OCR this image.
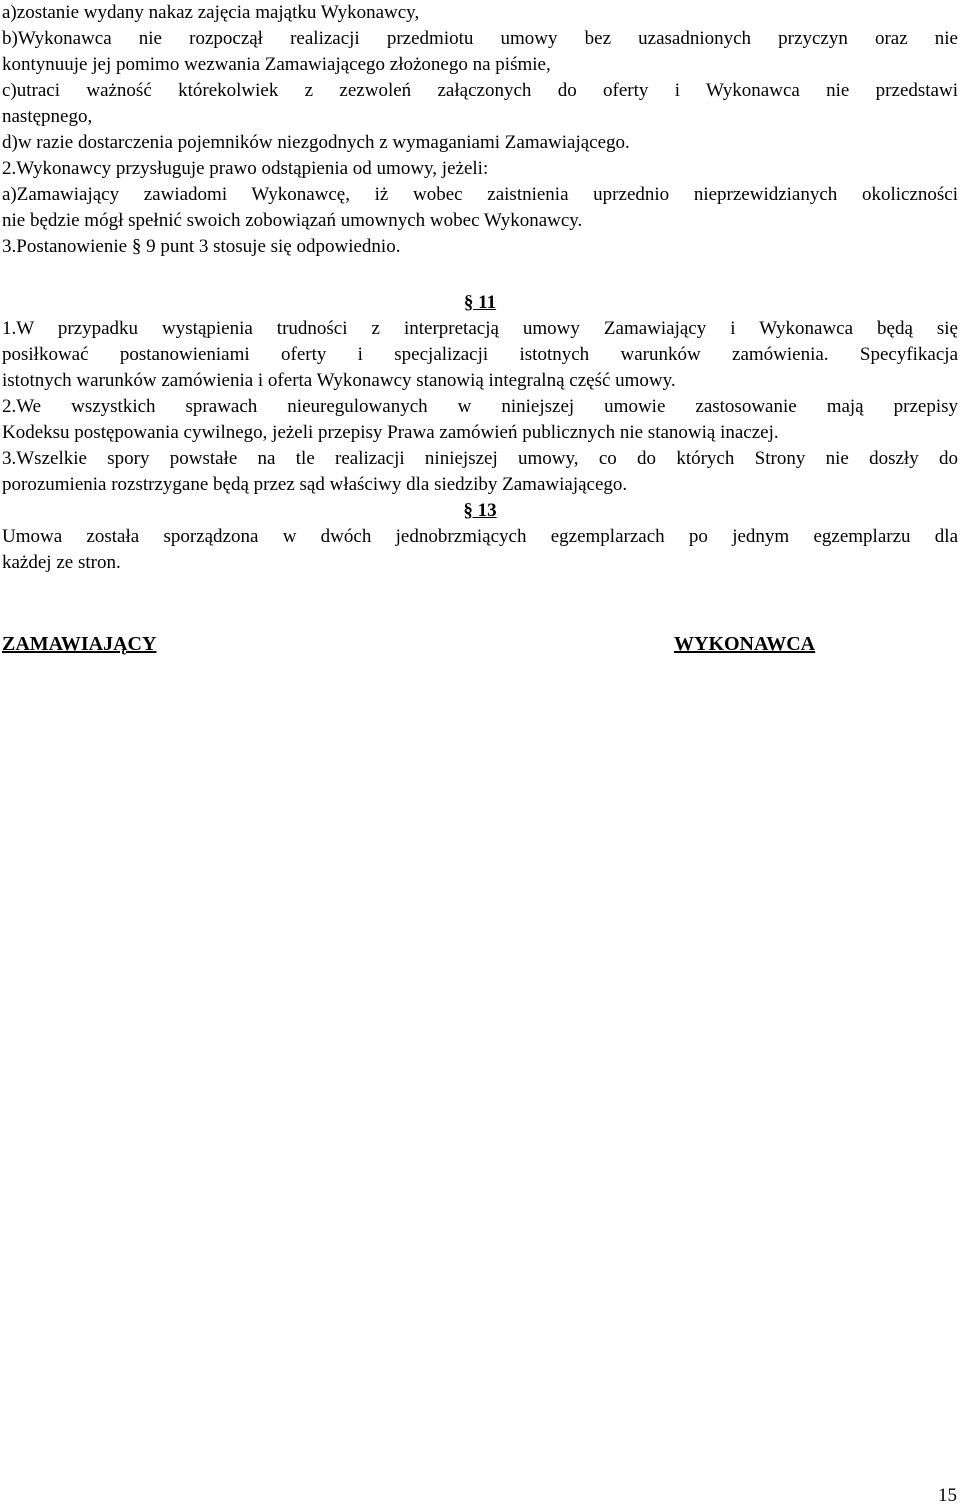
a)zostanie wydany nakaz zajęcia majątku Wykonawcy,
b)Wykonawca nie rozpoczął realizacji przedmiotu umowy bez uzasadnionych przyczyn oraz nie
kontynuuje jej pomimo wezwania Zamawiającego złożonego na piśmie,
c)utraci ważność którekolwiek z zezwoleń załączonych do oferty i Wykonawca nie przedstawi
następnego,
d)w razie dostarczenia pojemników niezgodnych z wymaganiami Zamawiającego.
2.Wykonawcy przysługuje prawo odstąpienia od umowy, jeżeli:
a)Zamawiający zawiadomi Wykonawcę, iż wobec zaistnienia uprzednio nieprzewidzianych okoliczności
nie będzie mógł spełnić swoich zobowiązań umownych wobec Wykonawcy.
3.Postanowienie § 9 punt 3 stosuje się odpowiednio.
§ 11
1.W przypadku wystąpienia trudności z interpretacją umowy Zamawiający i Wykonawca będą się
posiłkować postanowieniami oferty i specjalizacji istotnych warunków zamówienia. Specyfikacja
istotnych warunków zamówienia i oferta Wykonawcy stanowią integralną część umowy.
2.We wszystkich sprawach nieuregulowanych w niniejszej umowie zastosowanie mają przepisy
Kodeksu postępowania cywilnego, jeżeli przepisy Prawa zamówień publicznych nie stanowią inaczej.
3.Wszelkie spory powstałe na tle realizacji niniejszej umowy, co do których Strony nie doszły do
porozumienia rozstrzygane będą przez sąd właściwy dla siedziby Zamawiającego.
§ 13
Umowa została sporządzona w dwóch jednobrzmiących egzemplarzach po jednym egzemplarzu dla
każdej ze stron.
ZAMAWIAJĄCY	WYKONAWCA
15
